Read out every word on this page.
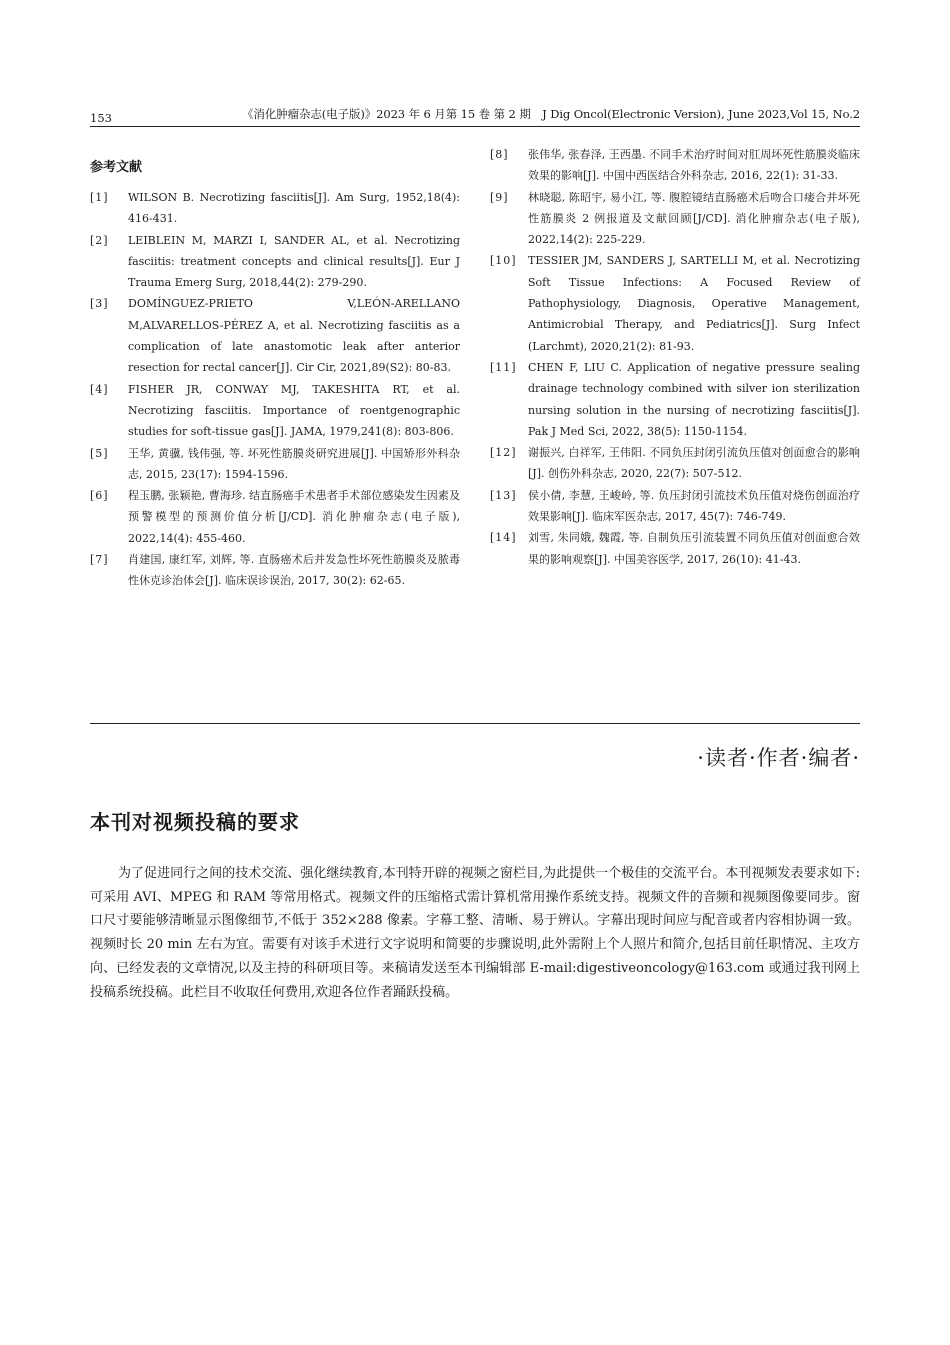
153	《消化肿瘤杂志(电子版)》2023 年 6 月第 15 卷 第 2 期　J Dig Oncol(Electronic Version), June 2023,Vol 15, No.2
参考文献
[1]	WILSON B. Necrotizing fasciitis[J]. Am Surg, 1952,18(4): 416-431.
[2]	LEIBLEIN M, MARZI I, SANDER AL, et al. Necrotizing fasciitis: treatment concepts and clinical results[J]. Eur J Trauma Emerg Surg, 2018,44(2): 279-290.
[3]	DOMÍNGUEZ-PRIETO V,LEÓN-ARELLANO M,ALVARELLOS-PÉREZ A, et al. Necrotizing fasciitis as a complication of late anastomotic leak after anterior resection for rectal cancer[J]. Cir Cir, 2021,89(S2): 80-83.
[4]	FISHER JR, CONWAY MJ, TAKESHITA RT, et al. Necrotizing fasciitis. Importance of roentgenographic studies for soft-tissue gas[J]. JAMA, 1979,241(8): 803-806.
[5]	王华, 黄骥, 钱伟强, 等. 坏死性筋膜炎研究进展[J]. 中国矫形外科杂志, 2015, 23(17): 1594-1596.
[6]	程玉鹏, 张颖艳, 曹海珍. 结直肠癌手术患者手术部位感染发生因素及预警模型的预测价值分析[J/CD]. 消化肿瘤杂志(电子版), 2022,14(4): 455-460.
[7]	肖建国, 康红军, 刘辉, 等. 直肠癌术后并发急性坏死性筋膜炎及脓毒性休克诊治体会[J]. 临床误诊误治, 2017, 30(2): 62-65.
[8]	张伟华, 张春泽, 王西墨. 不同手术治疗时间对肛周坏死性筋膜炎临床效果的影响[J]. 中国中西医结合外科杂志, 2016, 22(1): 31-33.
[9]	林晓聪, 陈昭宇, 易小江, 等. 腹腔镜结直肠癌术后吻合口瘘合并坏死性筋膜炎 2 例报道及文献回顾[J/CD]. 消化肿瘤杂志(电子版), 2022,14(2): 225-229.
[10]	TESSIER JM, SANDERS J, SARTELLI M, et al. Necrotizing Soft Tissue Infections: A Focused Review of Pathophysiology, Diagnosis, Operative Management, Antimicrobial Therapy, and Pediatrics[J]. Surg Infect (Larchmt), 2020,21(2): 81-93.
[11]	CHEN F, LIU C. Application of negative pressure sealing drainage technology combined with silver ion sterilization nursing solution in the nursing of necrotizing fasciitis[J]. Pak J Med Sci, 2022, 38(5): 1150-1154.
[12]	谢振兴, 白祥军, 王伟阳. 不同负压封闭引流负压值对创面愈合的影响[J]. 创伤外科杂志, 2020, 22(7): 507-512.
[13]	侯小倩, 李慧, 王峻岭, 等. 负压封闭引流技术负压值对烧伤创面治疗效果影响[J]. 临床军医杂志, 2017, 45(7): 746-749.
[14]	刘雪, 朱同娥, 魏霞, 等. 自制负压引流装置不同负压值对创面愈合效果的影响观察[J]. 中国美容医学, 2017, 26(10): 41-43.
·读者·作者·编者·
本刊对视频投稿的要求
为了促进同行之间的技术交流、强化继续教育,本刊特开辟的视频之窗栏目,为此提供一个极佳的交流平台。本刊视频发表要求如下:可采用 AVI、MPEG 和 RAM 等常用格式。视频文件的压缩格式需计算机常用操作系统支持。视频文件的音频和视频图像要同步。窗口尺寸要能够清晰显示图像细节,不低于 352×288 像素。字幕工整、清晰、易于辨认。字幕出现时间应与配音或者内容相协调一致。视频时长 20 min 左右为宜。需要有对该手术进行文字说明和简要的步骤说明,此外需附上个人照片和简介,包括目前任职情况、主攻方向、已经发表的文章情况,以及主持的科研项目等。来稿请发送至本刊编辑部 E-mail:digestiveoncology@163.com 或通过我刊网上投稿系统投稿。此栏目不收取任何费用,欢迎各位作者踊跃投稿。
